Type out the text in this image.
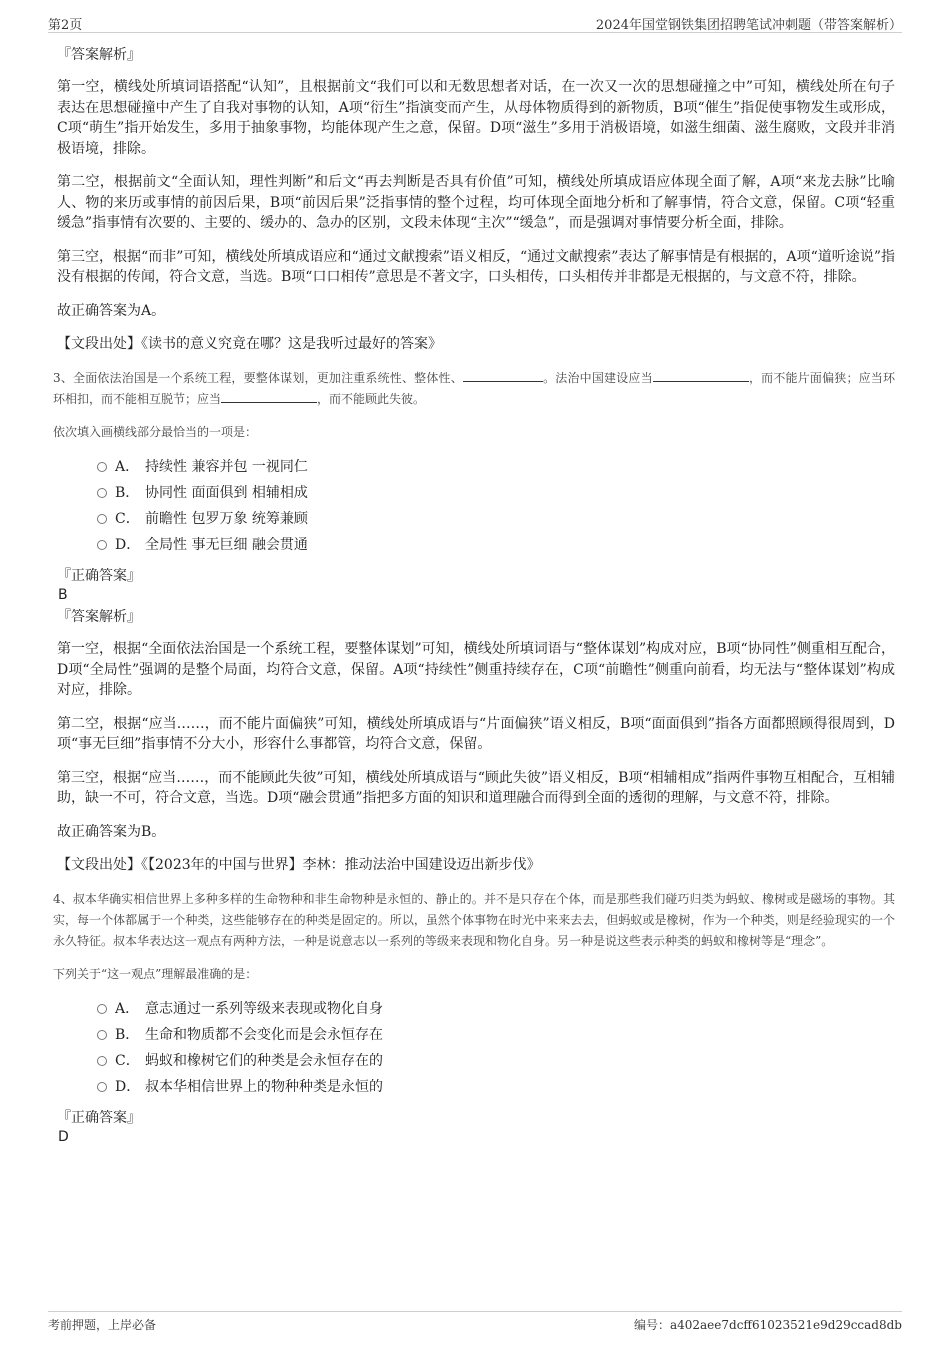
第2页	2024年国堂钢铁集团招聘笔试冲刺题（带答案解析）

『答案解析』

第一空，横线处所填词语搭配“认知”，且根据前文“我们可以和无数思想者对话，在一次又一次的思想碰撞之中”可知，横线处所在句子表达在思想碰撞中产生了自我对事物的认知，A项“衍生”指演变而产生，从母体物质得到的新物质，B项“催生”指促使事物发生或形成，C项“萌生”指开始发生，多用于抽象事物，均能体现产生之意，保留。D项“滋生”多用于消极语境，如滋生细菌、滋生腐败，文段并非消极语境，排除。

第二空，根据前文“全面认知，理性判断”和后文“再去判断是否具有价值”可知，横线处所填成语应体现全面了解，A项“来龙去脉”比喻人、物的来历或事情的前因后果，B项“前因后果”泛指事情的整个过程，均可体现全面地分析和了解事情，符合文意，保留。C项“轻重缓急”指事情有次要的、主要的、缓办的、急办的区别，文段未体现“主次”“缓急”，而是强调对事情要分析全面，排除。

第三空，根据“而非”可知，横线处所填成语应和“通过文献搜索”语义相反，“通过文献搜索”表达了解事情是有根据的，A项“道听途说”指没有根据的传闻，符合文意，当选。B项“口口相传”意思是不著文字，口头相传，口头相传并非都是无根据的，与文意不符，排除。

故正确答案为A。

【文段出处】《读书的意义究竟在哪？这是我听过最好的答案》

3、全面依法治国是一个系统工程，要整体谋划，更加注重系统性、整体性、	。法治中国建设应当	，而不能片面偏狭；应当环环相扣，而不能相互脱节；应当	，而不能顾此失彼。

依次填入画横线部分最恰当的一项是：

A． 持续性 兼容并包 一视同仁
B． 协同性 面面俱到 相辅相成
C． 前瞻性 包罗万象 统筹兼顾
D． 全局性 事无巨细 融会贯通

『正确答案』

B

『答案解析』

第一空，根据“全面依法治国是一个系统工程，要整体谋划”可知，横线处所填词语与“整体谋划”构成对应，B项“协同性”侧重相互配合，D项“全局性”强调的是整个局面，均符合文意，保留。A项“持续性”侧重持续存在，C项“前瞻性”侧重向前看，均无法与“整体谋划”构成对应，排除。

第二空，根据“应当……，而不能片面偏狭”可知，横线处所填成语与“片面偏狭”语义相反，B项“面面俱到”指各方面都照顾得很周到，D项“事无巨细”指事情不分大小，形容什么事都管，均符合文意，保留。

第三空，根据“应当……，而不能顾此失彼”可知，横线处所填成语与“顾此失彼”语义相反，B项“相辅相成”指两件事物互相配合，互相辅助，缺一不可，符合文意，当选。D项“融会贯通”指把多方面的知识和道理融合而得到全面的透彻的理解，与文意不符，排除。

故正确答案为B。

【文段出处】《【2023年的中国与世界】李林：推动法治中国建设迈出新步伐》

4、叔本华确实相信世界上多种多样的生命物种和非生命物种是永恒的、静止的。并不是只存在个体，而是那些我们碰巧归类为蚂蚁、橡树或是磁场的事物。其实，每一个体都属于一个种类，这些能够存在的种类是固定的。所以，虽然个体事物在时光中来来去去，但蚂蚁或是橡树，作为一个种类，则是经验现实的一个永久特征。叔本华表达这一观点有两种方法，一种是说意志以一系列的等级来表现和物化自身。另一种是说这些表示种类的蚂蚁和橡树等是“理念”。

下列关于“这一观点”理解最准确的是：

A． 意志通过一系列等级来表现或物化自身
B． 生命和物质都不会变化而是会永恒存在
C． 蚂蚁和橡树它们的种类是会永恒存在的
D． 叔本华相信世界上的物种种类是永恒的

『正确答案』

D

考前押题，上岸必备	编号：a402aee7dcff61023521e9d29ccad8db
